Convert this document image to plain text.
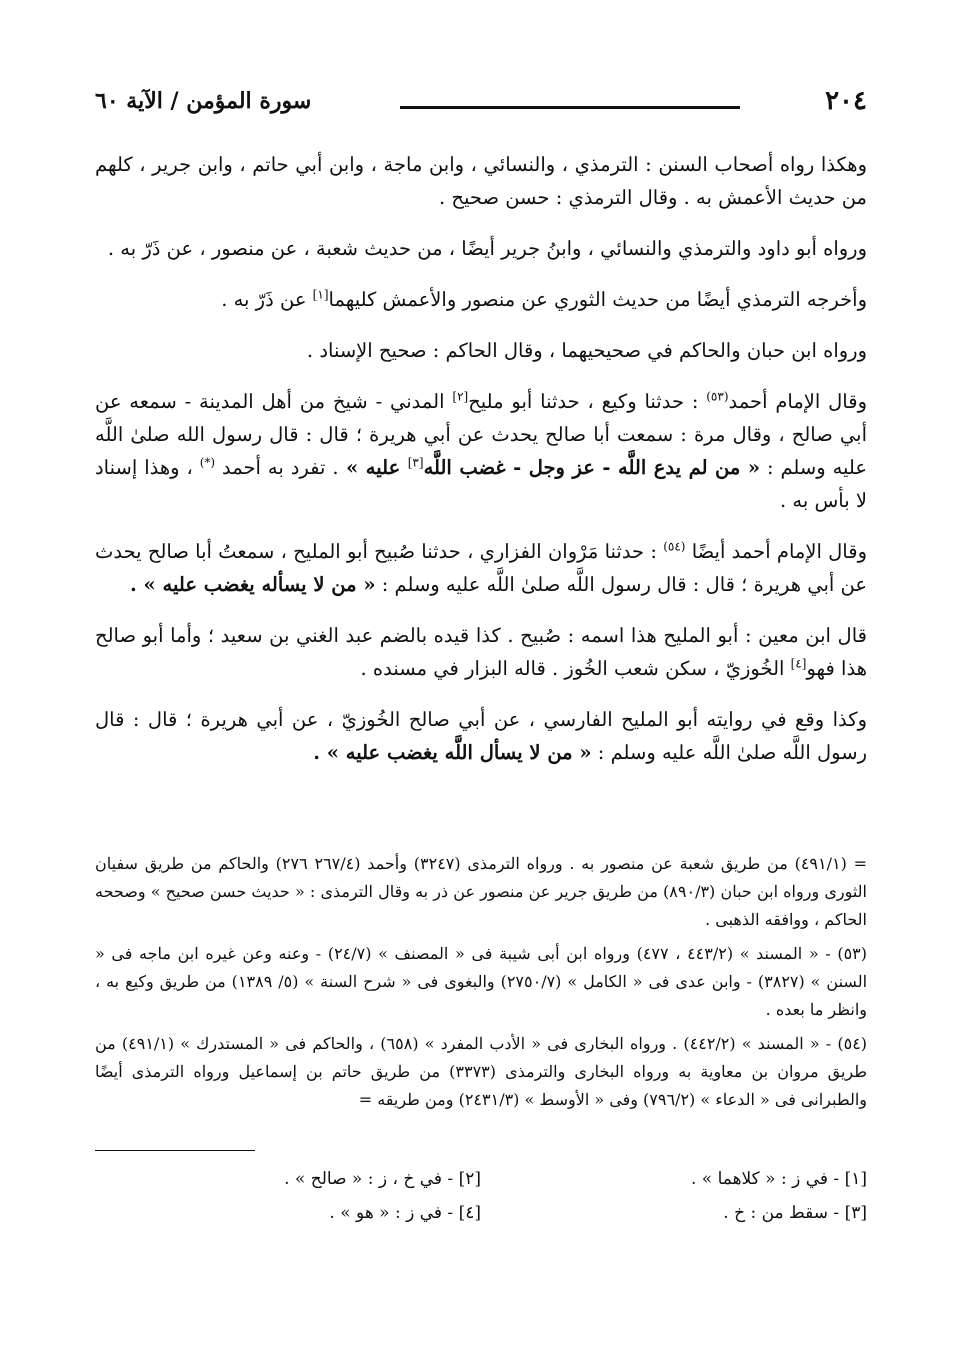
٢٠٤
سورة المؤمن / الآية ٦٠

وهكذا رواه أصحاب السنن : الترمذي ، والنسائي ، وابن ماجة ، وابن أبي حاتم ، وابن جرير ، كلهم من حديث الأعمش به . وقال الترمذي : حسن صحيح .

ورواه أبو داود والترمذي والنسائي ، وابنُ جرير أيضًا ، من حديث شعبة ، عن منصور ، عن ذَرّ به .

وأخرجه الترمذي أيضًا من حديث الثوري عن منصور والأعمش كليهما[١] عن ذَرّ به .

ورواه ابن حبان والحاكم في صحيحيهما ، وقال الحاكم : صحيح الإسناد .

وقال الإمام أحمد$^{(٥٣)}$ : حدثنا وكيع ، حدثنا أبو مليح[٢] المدني - شيخ من أهل المدينة - سمعه عن أبي صالح ، وقال مرة : سمعت أبا صالح يحدث عن أبي هريرة ؛ قال : قال رسول الله صلىٰ اللَّه عليه وسلم : « من لم يدع اللَّه - عز وجل - غضب اللَّه[٣] عليه » . تفرد به أحمد (*) ، وهذا إسناد لا بأس به .

وقال الإمام أحمد أيضًا $^{(٥٤)}$ : حدثنا مَرْوان الفزاري ، حدثنا صُبيح أبو المليح ، سمعتُ أبا صالح يحدث عن أبي هريرة ؛ قال : قال رسول اللَّه صلىٰ اللَّه عليه وسلم : « من لا يسأله يغضب عليه » .

قال ابن معين : أبو المليح هذا اسمه : صُبيح . كذا قيده بالضم عبد الغني بن سعيد ؛ وأما أبو صالح هذا فهو[٤] الخُوزيّ ، سكن شعب الخُوز . قاله البزار في مسنده .

وكذا وقع في روايته أبو المليح الفارسي ، عن أبي صالح الخُوزيّ ، عن أبي هريرة ؛ قال : قال رسول اللَّه صلىٰ اللَّه عليه وسلم : « من لا يسأل اللَّه يغضب عليه » .

= (٤٩١/١) من طريق شعبة عن منصور به . ورواه الترمذى (٣٢٤٧) وأحمد (٢٦٧/٤ ٢٧٦) والحاكم من طريق سفيان الثورى ورواه ابن حبان (٨٩٠/٣) من طريق جرير عن منصور عن ذر به وقال الترمذى : « حديث حسن صحيح » وصححه الحاكم ، ووافقه الذهبى .

(٥٣) - « المسند » (٤٤٣/٢ ، ٤٧٧) ورواه ابن أبى شيبة فى « المصنف » (٢٤/٧) - وعنه وعن غيره ابن ماجه فى « السنن » (٣٨٢٧) - وابن عدى فى « الكامل » (٢٧٥٠/٧) والبغوى فى « شرح السنة » (٥/ ١٣٨٩) من طريق وكيع به ، وانظر ما بعده .

(٥٤) - « المسند » (٤٤٢/٢) . ورواه البخارى فى « الأدب المفرد » (٦٥٨) ، والحاكم فى « المستدرك » (٤٩١/١) من طريق مروان بن معاوية به ورواه البخارى والترمذى (٣٣٧٣) من طريق حاتم بن إسماعيل ورواه الترمذى أيضًا والطبرانى فى « الدعاء » (٧٩٦/٢) وفى « الأوسط » (٢٤٣١/٣) ومن طريقه =

[١] - في ز : « كلاهما » .
[٢] - في خ ، ز : « صالح » .
[٣] - سقط من : خ .
[٤] - في ز : « هو » .
